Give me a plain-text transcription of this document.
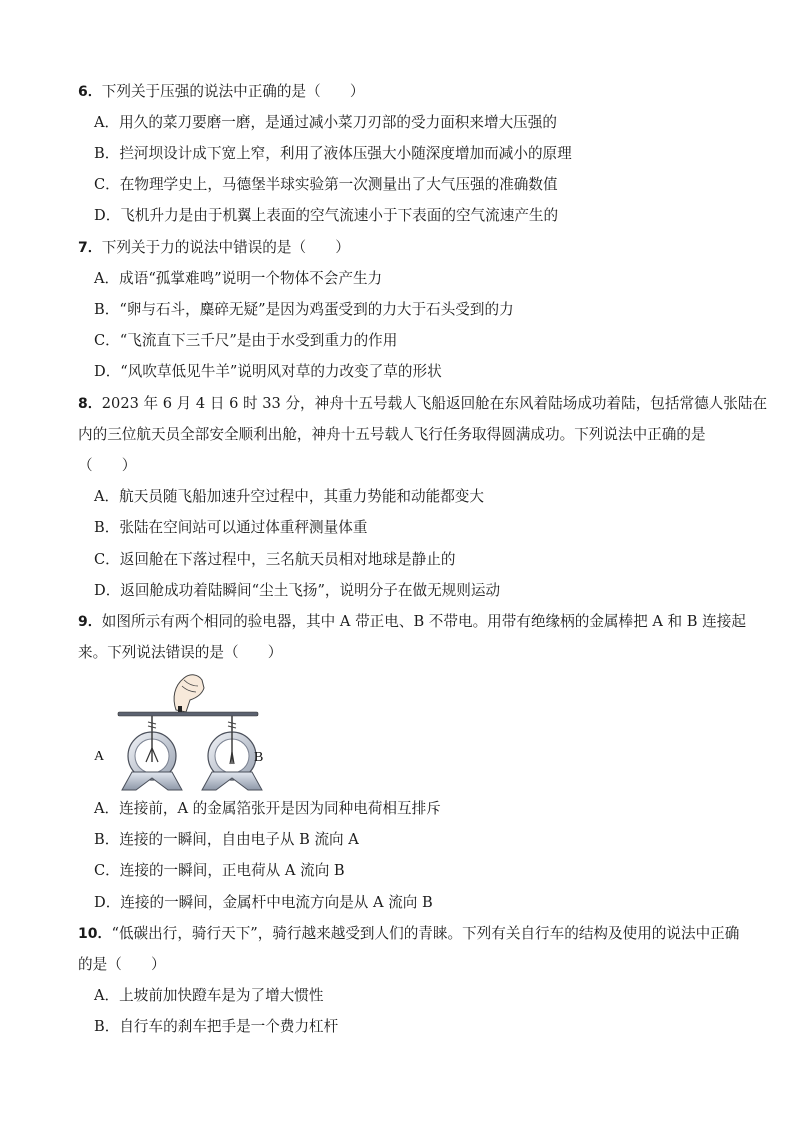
6．下列关于压强的说法中正确的是（　　）
A．用久的菜刀要磨一磨，是通过减小菜刀刃部的受力面积来增大压强的
B．拦河坝设计成下宽上窄，利用了液体压强大小随深度增加而减小的原理
C．在物理学史上，马德堡半球实验第一次测量出了大气压强的准确数值
D．飞机升力是由于机翼上表面的空气流速小于下表面的空气流速产生的
7．下列关于力的说法中错误的是（　　）
A．成语“孤掌难鸣”说明一个物体不会产生力
B．“卵与石斗，麋碎无疑”是因为鸡蛋受到的力大于石头受到的力
C．“飞流直下三千尺”是由于水受到重力的作用
D．“风吹草低见牛羊”说明风对草的力改变了草的形状
8．2023 年 6 月 4 日 6 时 33 分，神舟十五号载人飞船返回舱在东风着陆场成功着陆，包括常德人张陆在
内的三位航天员全部安全顺利出舱，神舟十五号载人飞行任务取得圆满成功。下列说法中正确的是
（　　）
A．航天员随飞船加速升空过程中，其重力势能和动能都变大
B．张陆在空间站可以通过体重秤测量体重
C．返回舱在下落过程中，三名航天员相对地球是静止的
D．返回舱成功着陆瞬间“尘土飞扬”，说明分子在做无规则运动
9．如图所示有两个相同的验电器，其中 A 带正电、B 不带电。用带有绝缘柄的金属棒把 A 和 B 连接起
来。下列说法错误的是（　　）
A	B
A．连接前，A 的金属箔张开是因为同种电荷相互排斥
B．连接的一瞬间，自由电子从 B 流向 A
C．连接的一瞬间，正电荷从 A 流向 B
D．连接的一瞬间，金属杆中电流方向是从 A 流向 B
10．“低碳出行，骑行天下”，骑行越来越受到人们的青睐。下列有关自行车的结构及使用的说法中正确
的是（　　）
A．上坡前加快蹬车是为了增大惯性
B．自行车的刹车把手是一个费力杠杆
